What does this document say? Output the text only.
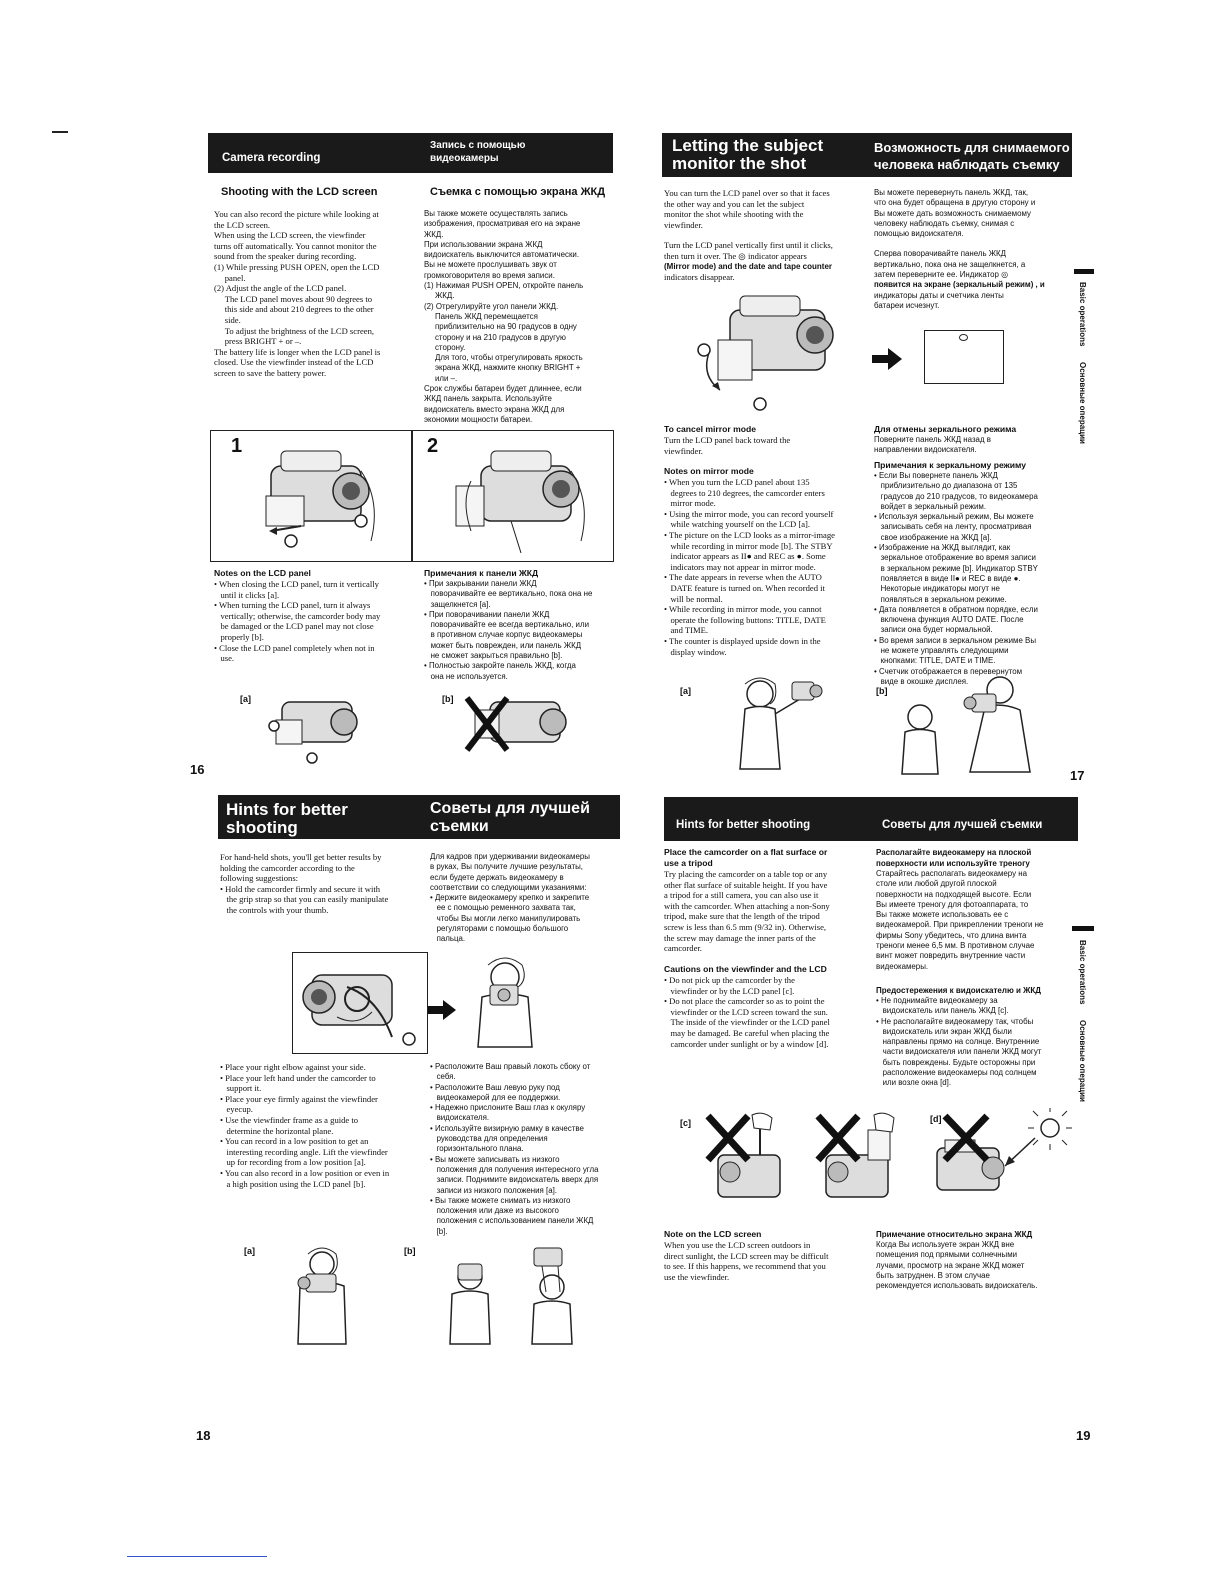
Camera recording
Запись с помощью
видеокамеры
Shooting with the LCD screen	Съемка с помощью экрана ЖКД
You can also record the picture while looking at
the LCD screen.
When using the LCD screen, the viewfinder
turns off automatically. You cannot monitor the
sound from the speaker during recording.
(1) While pressing PUSH OPEN, open the LCD
panel.
(2) Adjust the angle of the LCD panel.
The LCD panel moves about 90 degrees to
this side and about 210 degrees to the other
side.
To adjust the brightness of the LCD screen,
press BRIGHT + or –.
The battery life is longer when the LCD panel is
closed. Use the viewfinder instead of the LCD
screen to save the battery power.
Вы также можете осуществлять запись
изображения, просматривая его на экране
ЖКД.
При использовании экрана ЖКД
видоискатель выключится автоматически.
Вы не можете прослушивать звук от
громкоговорителя во время записи.
(1) Нажимая PUSH OPEN, откройте панель
ЖКД.
(2) Отрегулируйте угол панели ЖКД.
Панель ЖКД перемещается
приблизительно на 90 градусов в одну
сторону и на 210 градусов в другую
сторону.
Для того, чтобы отрегулировать яркость
экрана ЖКД, нажмите кнопку BRIGHT +
или –.
Срок службы батареи будет длиннее, если
ЖКД панель закрыта. Используйте
видоискатель вместо экрана ЖКД для
экономии мощности батареи.
1	2
Notes on the LCD panel
• When closing the LCD panel, turn it vertically
until it clicks [a].
• When turning the LCD panel, turn it always
vertically; otherwise, the camcorder body may
be damaged or the LCD panel may not close
properly [b].
• Close the LCD panel completely when not in
use.
Примечания к панели ЖКД
• При закрывании панели ЖКД
поворачивайте ее вертикально, пока она не
защелкнется [a].
• При поворачивании панели ЖКД
поворачивайте ее всегда вертикально, или
в противном случае корпус видеокамеры
может быть поврежден, или панель ЖКД
не сможет закрыться правильно [b].
• Полностью закройте панель ЖКД, когда
она не используется.
[a]	[b]
16
Letting the subject
monitor the shot
Возможность для снимаемого
человека наблюдать съемку
You can turn the LCD panel over so that it faces
the other way and you can let the subject
monitor the shot while shooting with the
viewfinder.
Turn the LCD panel vertically first until it clicks,
then turn it over. The ◎ indicator appears
(Mirror mode) and the date and tape counter
indicators disappear.
Вы можете перевернуть панель ЖКД, так,
что она будет обращена в другую сторону и
Вы можете дать возможность снимаемому
человеку наблюдать съемку, снимая с
помощью видоискателя.
Сперва поворачивайте панель ЖКД
вертикально, пока она не защелкнется, а
затем переверните ее. Индикатор ◎
появится на экране (зеркальный режим) , и
индикаторы даты и счетчика ленты
батареи исчезнут.
To cancel mirror mode
Turn the LCD panel back toward the
viewfinder.
Для отмены зеркального режима
Поверните панель ЖКД назад в
направлении видоискателя.
Notes on mirror mode
• When you turn the LCD panel about 135
degrees to 210 degrees, the camcorder enters
mirror mode.
• Using the mirror mode, you can record yourself
while watching yourself on the LCD [a].
• The picture on the LCD looks as a mirror-image
while recording in mirror mode [b]. The STBY
indicator appears as II● and REC as ●. Some
indicators may not appear in mirror mode.
• The date appears in reverse when the AUTO
DATE feature is turned on. When recorded it
will be normal.
• While recording in mirror mode, you cannot
operate the following buttons: TITLE, DATE
and TIME.
• The counter is displayed upside down in the
display window.
Примечания к зеркальному режиму
• Если Вы повернете панель ЖКД
приблизительно до диапазона от 135
градусов до 210 градусов, то видеокамера
войдет в зеркальный режим.
• Используя зеркальный режим, Вы можете
записывать себя на ленту, просматривая
свое изображение на ЖКД [a].
• Изображение на ЖКД выглядит, как
зеркальное отображение во время записи
в зеркальном режиме [b]. Индикатор STBY
появляется в виде II● и REC в виде ●.
Некоторые индикаторы могут не
появляться в зеркальном режиме.
• Дата появляется в обратном порядке, если
включена функция AUTO DATE. После
записи она будет нормальной.
• Во время записи в зеркальном режиме Вы
не можете управлять следующими
кнопками: TITLE, DATE и TIME.
• Счетчик отображается в перевернутом
виде в окошке дисплея.
[a]	[b]
17
Basic operations
Основные операции
Hints for better
shooting
Советы для лучшей
съемки
For hand-held shots, you'll get better results by
holding the camcorder according to the
following suggestions:
• Hold the camcorder firmly and secure it with
the grip strap so that you can easily manipulate
the controls with your thumb.
Для кадров при удерживании видеокамеры
в руках, Вы получите лучшие результаты,
если будете держать видеокамеру в
соответствии со следующими указаниями:
• Держите видеокамеру крепко и закрепите
ее с помощью ременного захвата так,
чтобы Вы могли легко манипулировать
регуляторами с помощью большого
пальца.
• Place your right elbow against your side.
• Place your left hand under the camcorder to
support it.
• Place your eye firmly against the viewfinder
eyecup.
• Use the viewfinder frame as a guide to
determine the horizontal plane.
• You can record in a low position to get an
interesting recording angle. Lift the viewfinder
up for recording from a low position [a].
• You can also record in a low position or even in
a high position using the LCD panel [b].
• Расположите Ваш правый локоть сбоку от
себя.
• Расположите Ваш левую руку под
видеокамерой для ее поддержки.
• Надежно прислоните Ваш глаз к окуляру
видоискателя.
• Используйте визирную рамку в качестве
руководства для определения
горизонтального плана.
• Вы можете записывать из низкого
положения для получения интересного угла
записи. Поднимите видоискатель вверх для
записи из низкого положения [a].
• Вы также можете снимать из низкого
положения или даже из высокого
положения с использованием панели ЖКД
[b].
[a]	[b]
18
Hints for better shooting	Советы для лучшей съемки
Place the camcorder on a flat surface or
use a tripod
Try placing the camcorder on a table top or any
other flat surface of suitable height. If you have
a tripod for a still camera, you can also use it
with the camcorder. When attaching a non-Sony
tripod, make sure that the length of the tripod
screw is less than 6.5 mm (9/32 in). Otherwise,
the screw may damage the inner parts of the
camcorder.
Располагайте видеокамеру на плоской
поверхности или используйте треногу
Старайтесь располагать видеокамеру на
столе или любой другой плоской
поверхности на подходящей высоте. Если
Вы имеете треногу для фотоаппарата, то
Вы также можете использовать ее с
видеокамерой. При прикреплении треноги не
фирмы Sony убедитесь, что длина винта
треноги менее 6,5 мм. В противном случае
винт может повредить внутренние части
видеокамеры.
Cautions on the viewfinder and the LCD
• Do not pick up the camcorder by the
viewfinder or by the LCD panel [c].
• Do not place the camcorder so as to point the
viewfinder or the LCD screen toward the sun.
The inside of the viewfinder or the LCD panel
may be damaged. Be careful when placing the
camcorder under sunlight or by a window [d].
Предостережения к видоискателю и ЖКД
• Не поднимайте видеокамеру за
видоискатель или панель ЖКД [c].
• Не располагайте видеокамеру так, чтобы
видоискатель или экран ЖКД были
направлены прямо на солнце. Внутренние
части видоискателя или панели ЖКД могут
быть повреждены. Будьте осторожны при
расположение видеокамеры под солнцем
или возле окна [d].
[c]	[d]
Note on the LCD screen
When you use the LCD screen outdoors in
direct sunlight, the LCD screen may be difficult
to see. If this happens, we recommend that you
use the viewfinder.
Примечание относительно экрана ЖКД
Когда Вы используете экран ЖКД вне
помещения под прямыми солнечными
лучами, просмотр на экране ЖКД может
быть затруднен. В этом случае
рекомендуется использовать видоискатель.
Basic operations
Основные операции
19
